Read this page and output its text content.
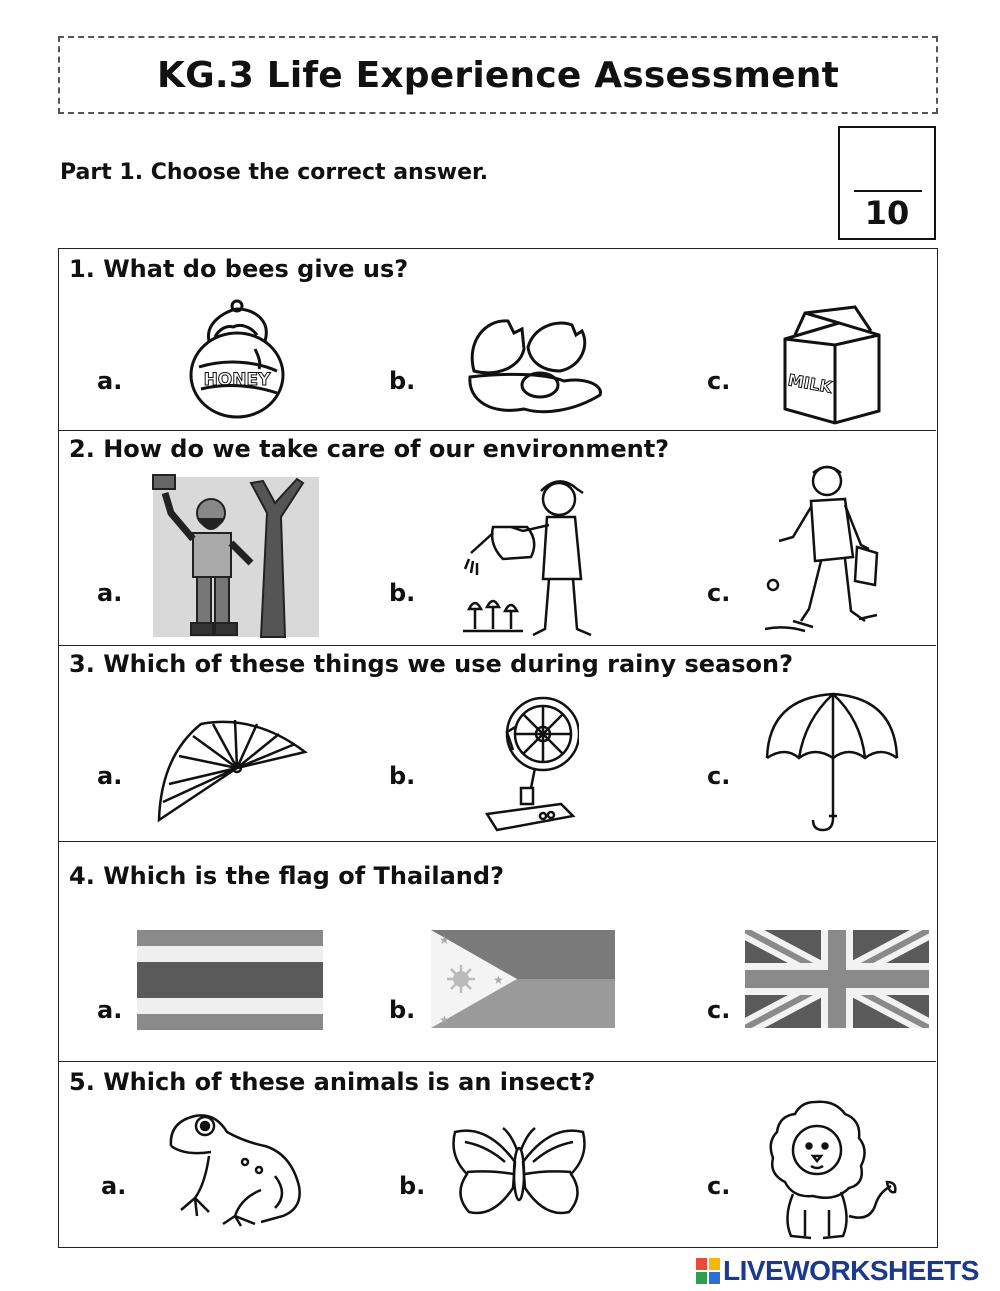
KG.3 Life Experience Assessment
Part 1. Choose the correct answer.
10
1. What do bees give us?
a.	HONEY	b.	c.	MILK
2. How do we take care of our environment?
a.	b.	c.
3. Which of these things we use during rainy season?
a.	b.	c.
4. Which is the flag of Thailand?
a.	b.
★
★
★
c.
5. Which of these animals is an insect?
a.	b.	c.
LIVEWORKSHEETS
